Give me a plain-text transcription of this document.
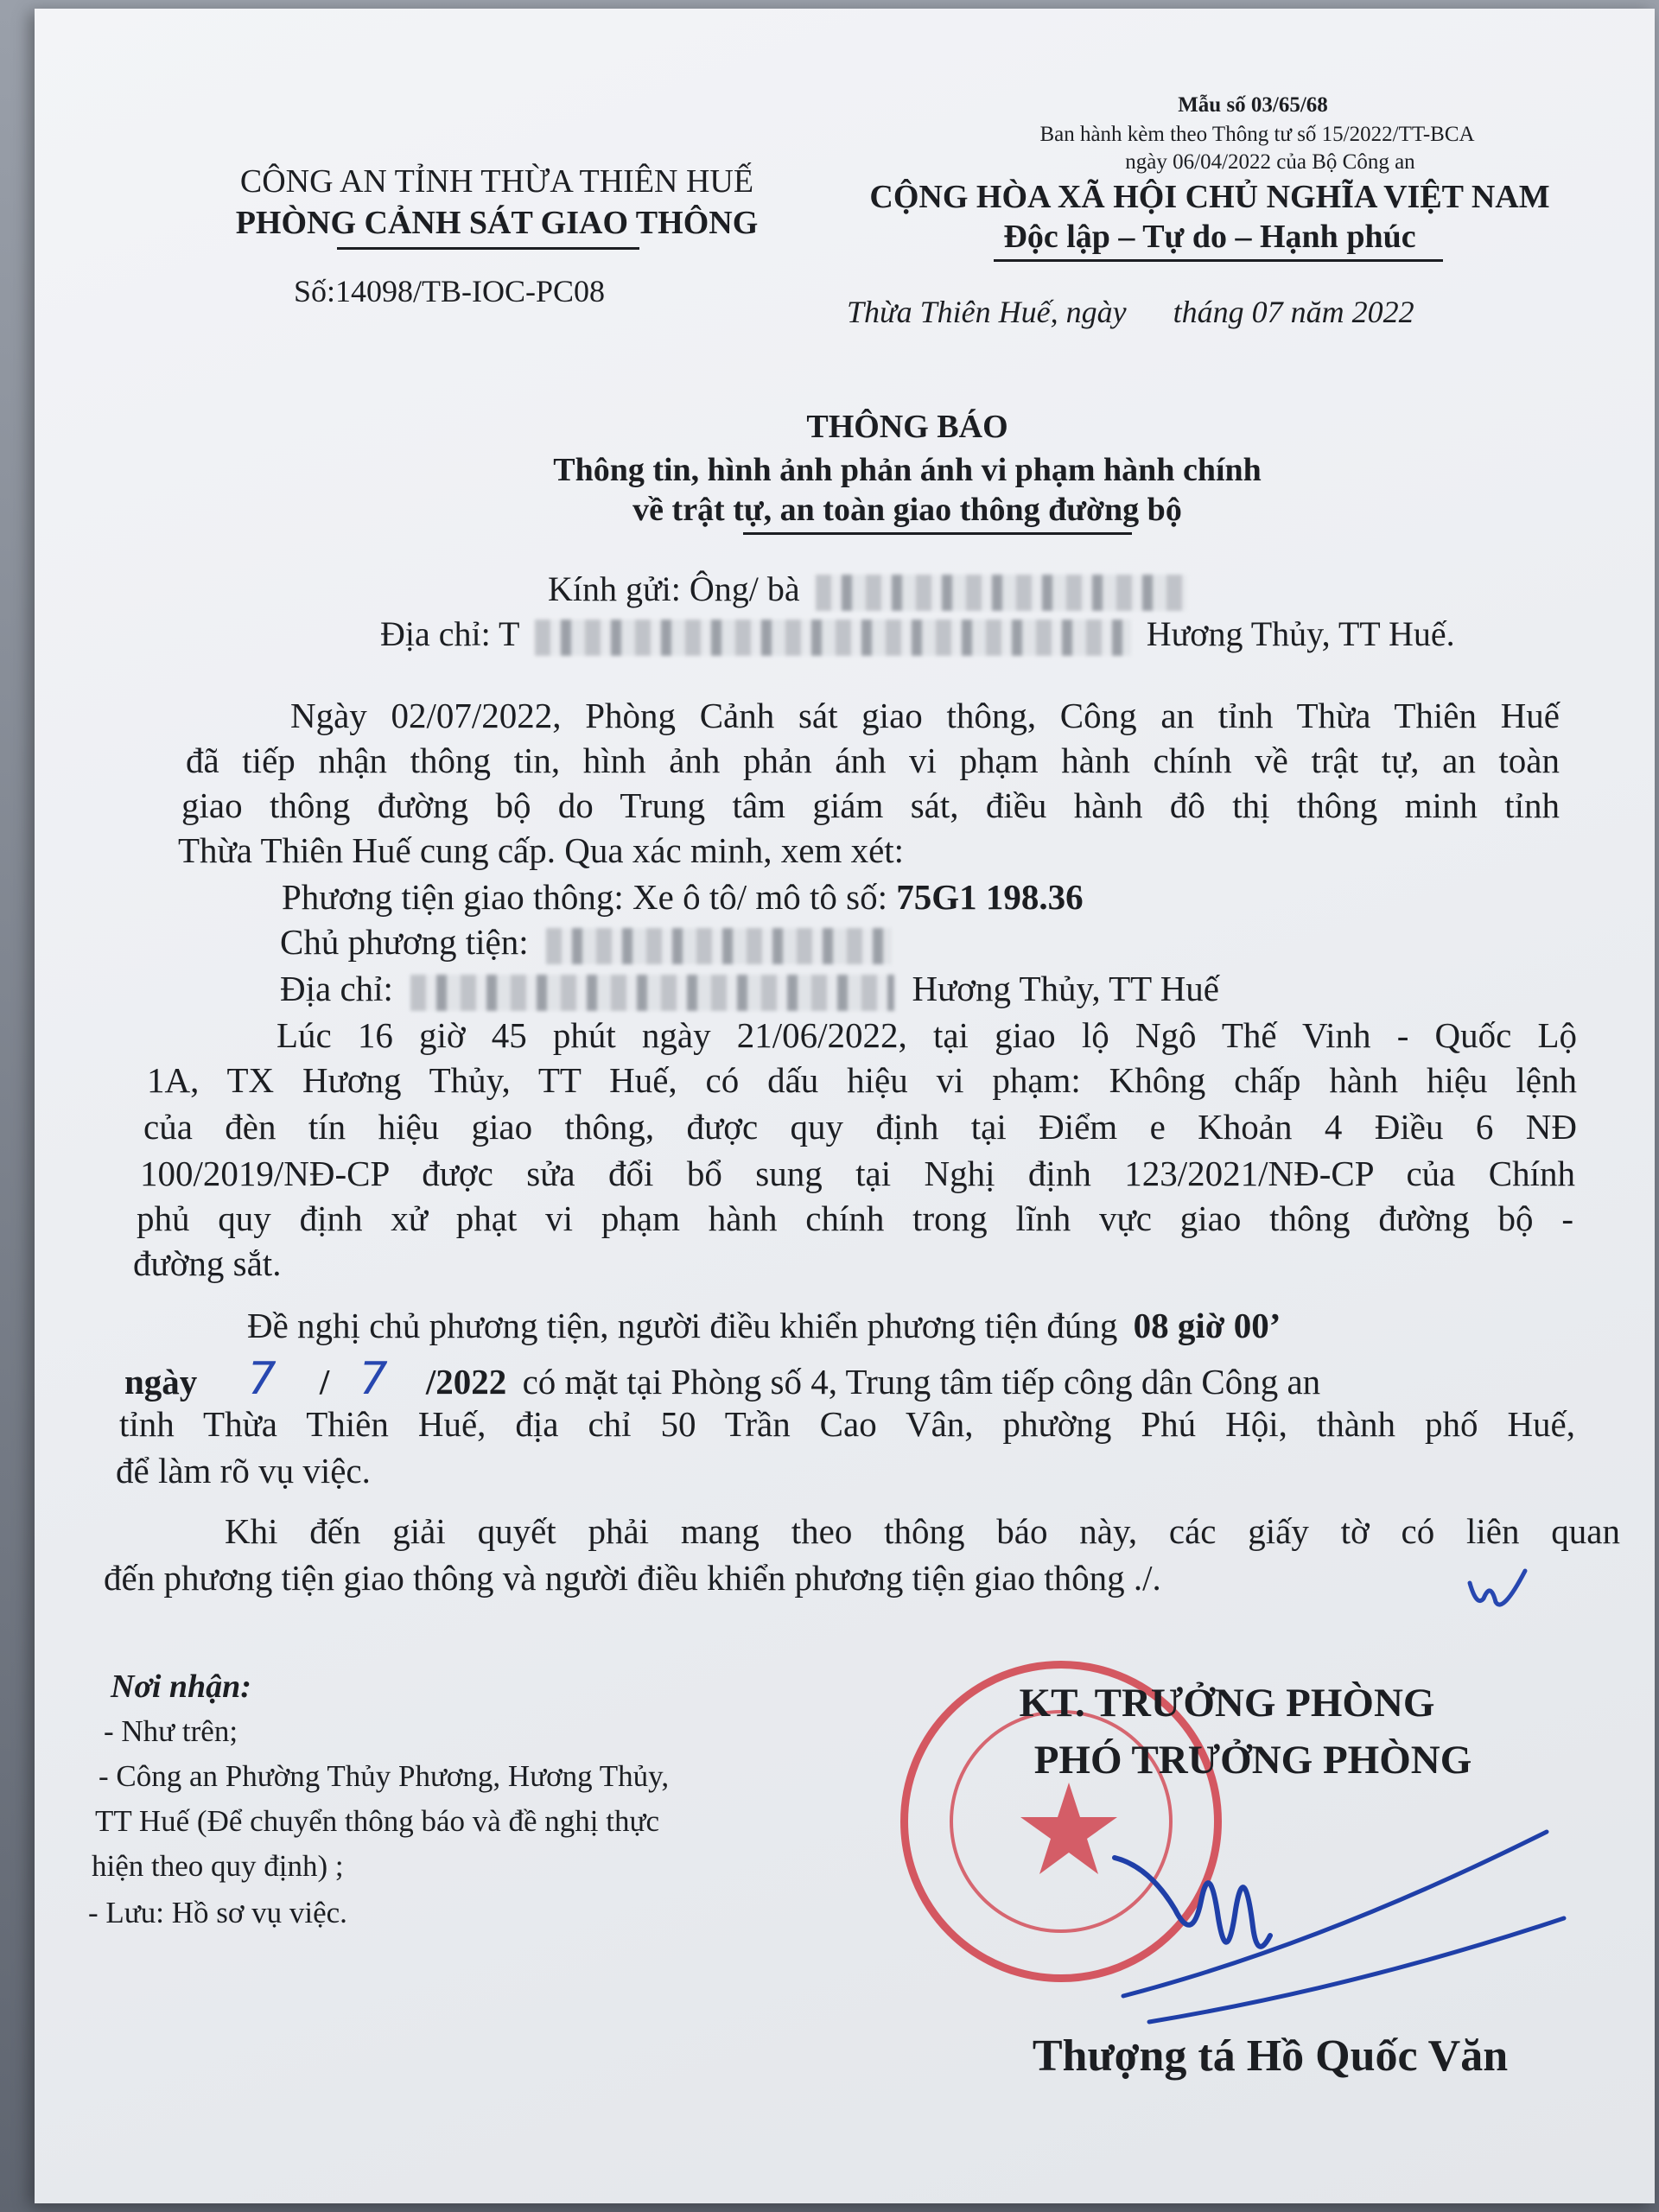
Mẫu số 03/65/68
Ban hành kèm theo Thông tư số 15/2022/TT-BCA
ngày 06/04/2022 của Bộ Công an
CÔNG AN TỈNH THỪA THIÊN HUẾ
PHÒNG CẢNH SÁT GIAO THÔNG
Số:14098/TB-IOC-PC08
CỘNG HÒA XÃ HỘI CHỦ NGHĨA VIỆT NAM
Độc lập – Tự do – Hạnh phúc
Thừa Thiên Huế, ngày      tháng 07 năm 2022
THÔNG BÁO
Thông tin, hình ảnh phản ánh vi phạm hành chính
về trật tự, an toàn giao thông đường bộ
Kính gửi: Ông/ bà
Địa chỉ: T	Hương Thủy, TT Huế.
Ngày 02/07/2022, Phòng Cảnh sát giao thông, Công an tỉnh Thừa Thiên Huế
đã tiếp nhận thông tin, hình ảnh phản ánh vi phạm hành chính về trật tự, an toàn
giao thông đường bộ do Trung tâm giám sát, điều hành đô thị thông minh tỉnh
Thừa Thiên Huế cung cấp. Qua xác minh, xem xét:
Phương tiện giao thông: Xe ô tô/ mô tô số: 75G1 198.36
Chủ phương tiện:
Địa chỉ:	Hương Thủy, TT Huế
Lúc 16 giờ 45 phút ngày 21/06/2022, tại giao lộ Ngô Thế Vinh - Quốc Lộ
1A, TX Hương Thủy, TT Huế, có dấu hiệu vi phạm: Không chấp hành hiệu lệnh
của đèn tín hiệu giao thông, được quy định tại Điểm e Khoản 4 Điều 6 NĐ
100/2019/NĐ-CP được sửa đổi bổ sung tại Nghị định 123/2021/NĐ-CP của Chính
phủ quy định xử phạt vi phạm hành chính trong lĩnh vực giao thông đường bộ -
đường sắt.
Đề nghị chủ phương tiện, người điều khiển phương tiện đúng 08 giờ 00’
ngày 7 / 7 /2022 có mặt tại Phòng số 4, Trung tâm tiếp công dân Công an
tỉnh Thừa Thiên Huế, địa chỉ 50 Trần Cao Vân, phường Phú Hội, thành phố Huế,
để làm rõ vụ việc.
Khi đến giải quyết phải mang theo thông báo này, các giấy tờ có liên quan
đến phương tiện giao thông và người điều khiển phương tiện giao thông ./.
Nơi nhận:
- Như trên;
- Công an Phường Thủy Phương, Hương Thủy,
TT Huế (Để chuyển thông báo và đề nghị thực
hiện theo quy định) ;
- Lưu: Hồ sơ vụ việc.
KT. TRƯỞNG PHÒNG
PHÓ TRƯỞNG PHÒNG
Thượng tá Hồ Quốc Văn
